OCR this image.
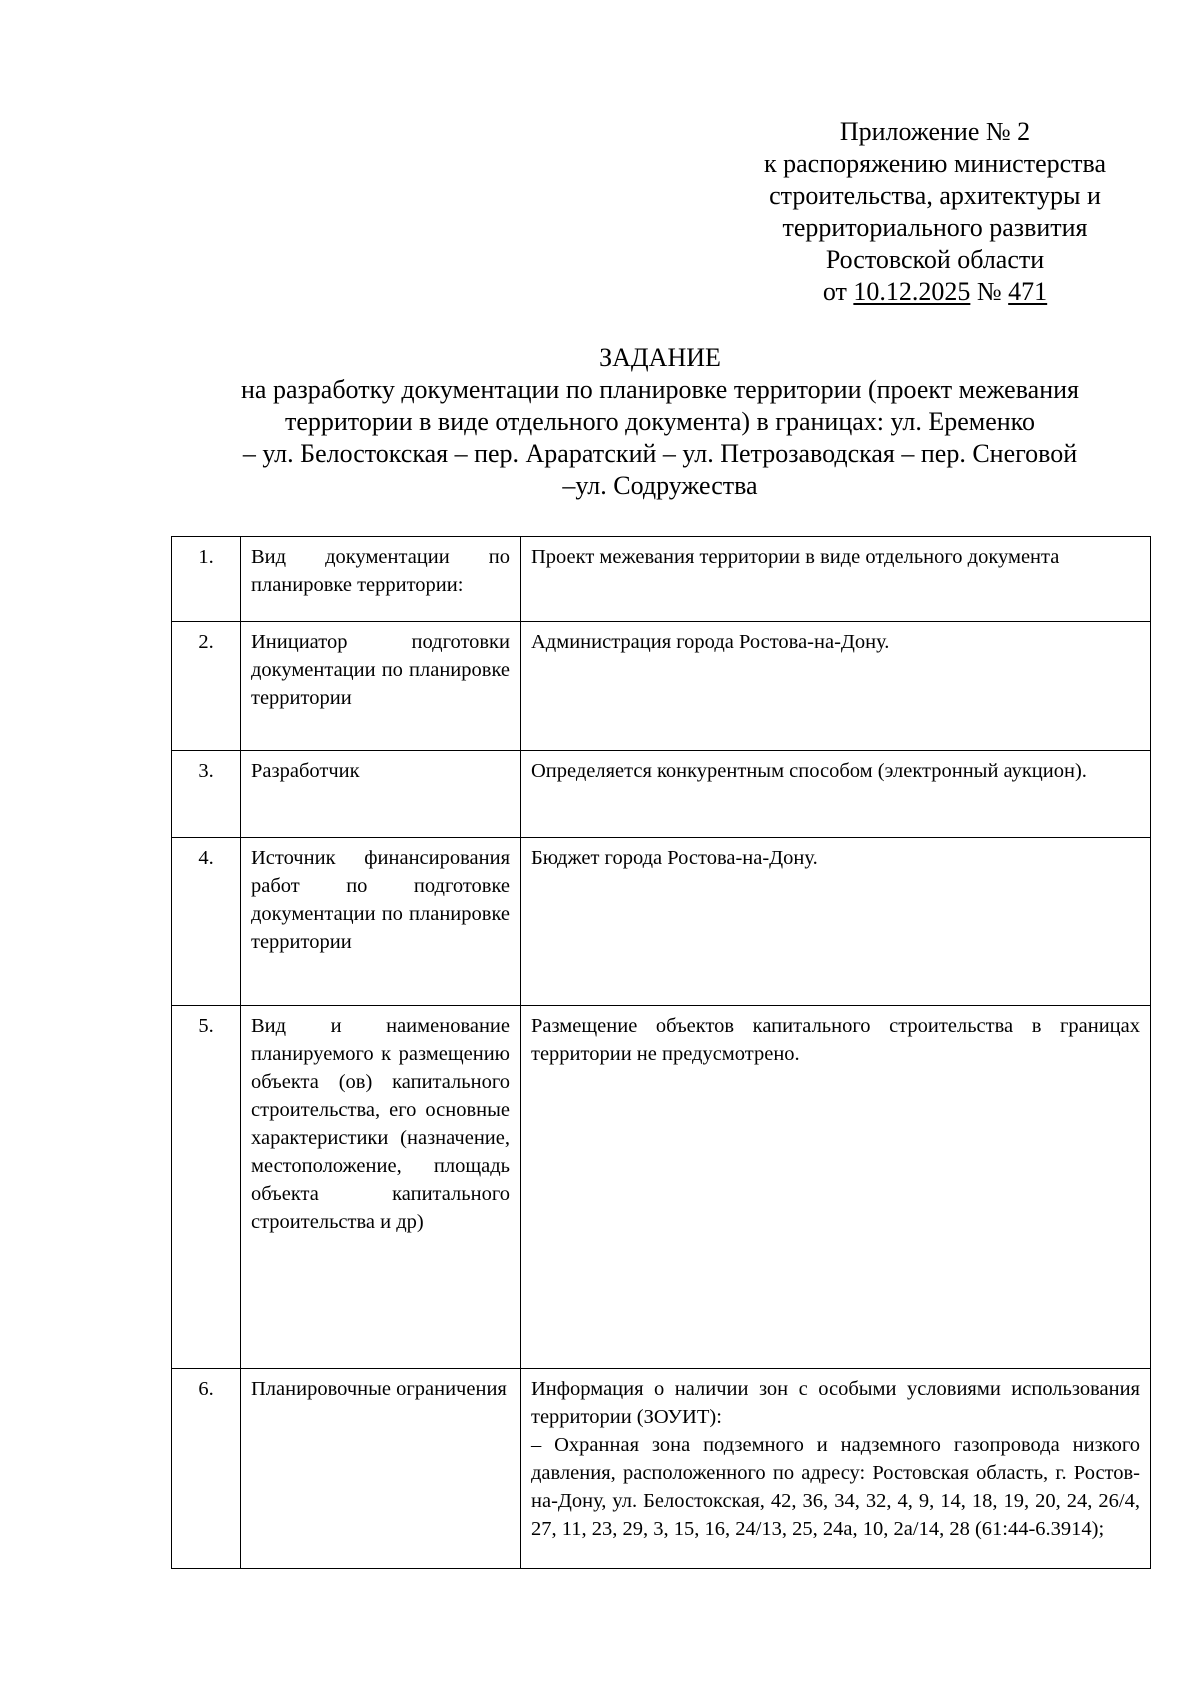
Приложение № 2
к распоряжению министерства
строительства, архитектуры и
территориального развития
Ростовской области
от 10.12.2025 № 471
ЗАДАНИЕ
на разработку документации по планировке территории (проект межевания
территории в виде отдельного документа) в границах: ул. Еременко
– ул. Белостокская – пер. Араратский – ул. Петрозаводская – пер. Снеговой
–ул. Содружества
1.	Вид документации по планировке территории:	Проект межевания территории в виде отдельного документа
2.	Инициатор подготовки документации по планировке территории	Администрация города Ростова-на-Дону.
3.	Разработчик	Определяется конкурентным способом (электронный аукцион).
4.	Источник финансирования работ по подготовке документации по планировке территории	Бюджет города Ростова-на-Дону.
5.	Вид и наименование планируемого к размещению объекта (ов) капитального строительства, его основные характеристики (назначение, местоположение, площадь объекта капитального строительства и др)	Размещение объектов капитального строительства в границах территории не предусмотрено.
6.	Планировочные ограничения	Информация о наличии зон с особыми условиями использования территории (ЗОУИТ):
– Охранная зона подземного и надземного газопровода низкого давления, расположенного по адресу: Ростовская область, г. Ростов-на-Дону, ул. Белостокская, 42, 36, 34, 32, 4, 9, 14, 18, 19, 20, 24, 26/4, 27, 11, 23, 29, 3, 15, 16, 24/13, 25, 24а, 10, 2а/14, 28 (61:44-6.3914);
